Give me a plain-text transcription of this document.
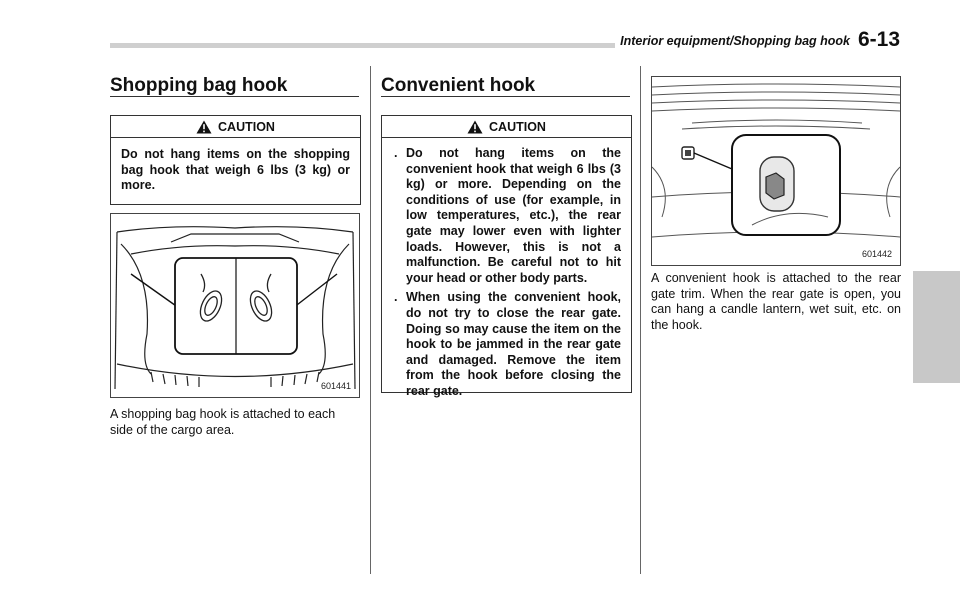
Interior equipment/Shopping bag hook 6-13
Shopping bag hook
CAUTION

Do not hang items on the shopping bag hook that weigh 6 lbs (3 kg) or more.

601441
A shopping bag hook is attached to each side of the cargo area.
Convenient hook
CAUTION
. Do not hang items on the convenient hook that weigh 6 lbs (3 kg) or more. Depending on the conditions of use (for example, in low temperatures, etc.), the rear gate may lower even with lighter loads. However, this is not a malfunction. Be careful not to hit your head or other body parts.
. When using the convenient hook, do not try to close the rear gate. Doing so may cause the item on the hook to be jammed in the rear gate and damaged. Remove the item from the hook before closing the rear gate.
601442
A convenient hook is attached to the rear gate trim. When the rear gate is open, you can hang a candle lantern, wet suit, etc. on the hook.
